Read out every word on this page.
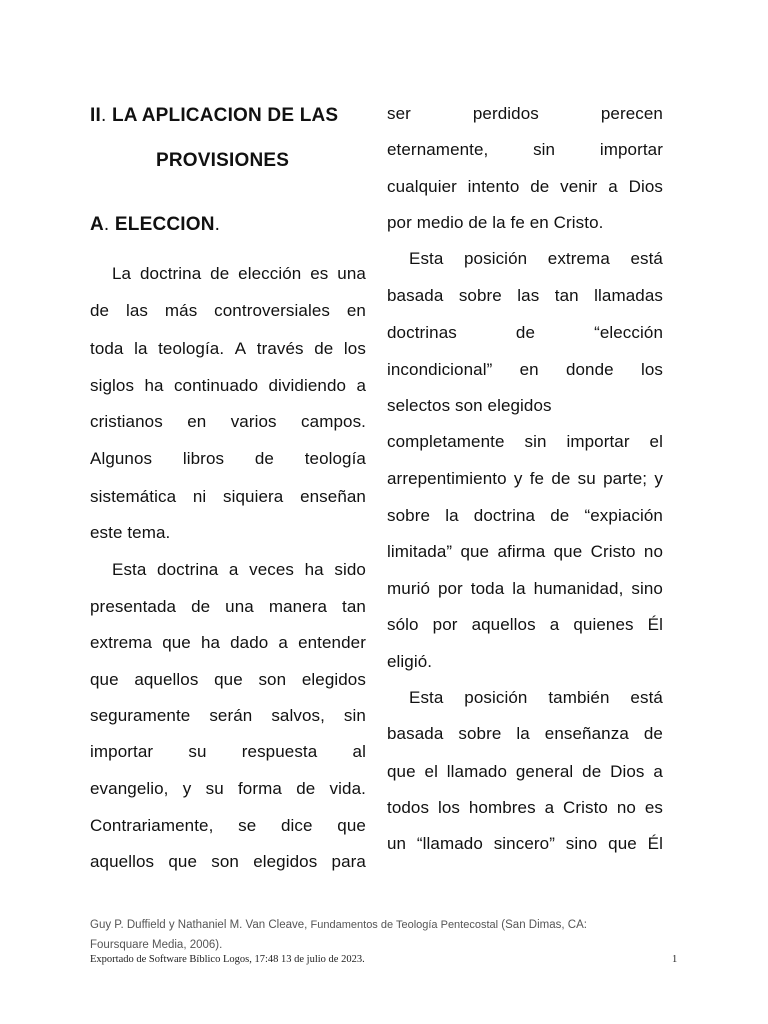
II. LA APLICACION DE LAS
PROVISIONES
A. ELECCION.
La doctrina de elección es una
de las más controversiales en
toda la teología. A través de los
siglos ha continuado dividiendo a
cristianos en varios campos.
Algunos libros de teología
sistemática ni siquiera enseñan
este tema.
Esta doctrina a veces ha sido
presentada de una manera tan
extrema que ha dado a entender
que aquellos que son elegidos
seguramente serán salvos, sin
importar su respuesta al
evangelio, y su forma de vida.
Contrariamente, se dice que
aquellos que son elegidos para
ser	perdidos	perecen
eternamente,	sin	importar
cualquier intento de venir a Dios
por medio de la fe en Cristo.
Esta posición extrema está
basada sobre las tan llamadas
doctrinas	de	“elección
incondicional” en donde los
selectos son elegidos
completamente sin importar el
arrepentimiento y fe de su parte; y
sobre la doctrina de “expiación
limitada” que afirma que Cristo no
murió por toda la humanidad, sino
sólo por aquellos a quienes Él
eligió.
Esta posición también está
basada sobre la enseñanza de
que el llamado general de Dios a
todos los hombres a Cristo no es
un “llamado sincero” sino que Él
Guy P. Duffield y Nathaniel M. Van Cleave, Fundamentos de Teología Pentecostal (San Dimas, CA:
Foursquare Media, 2006).
Exportado de Software Bíblico Logos, 17:48 13 de julio de 2023.	1
